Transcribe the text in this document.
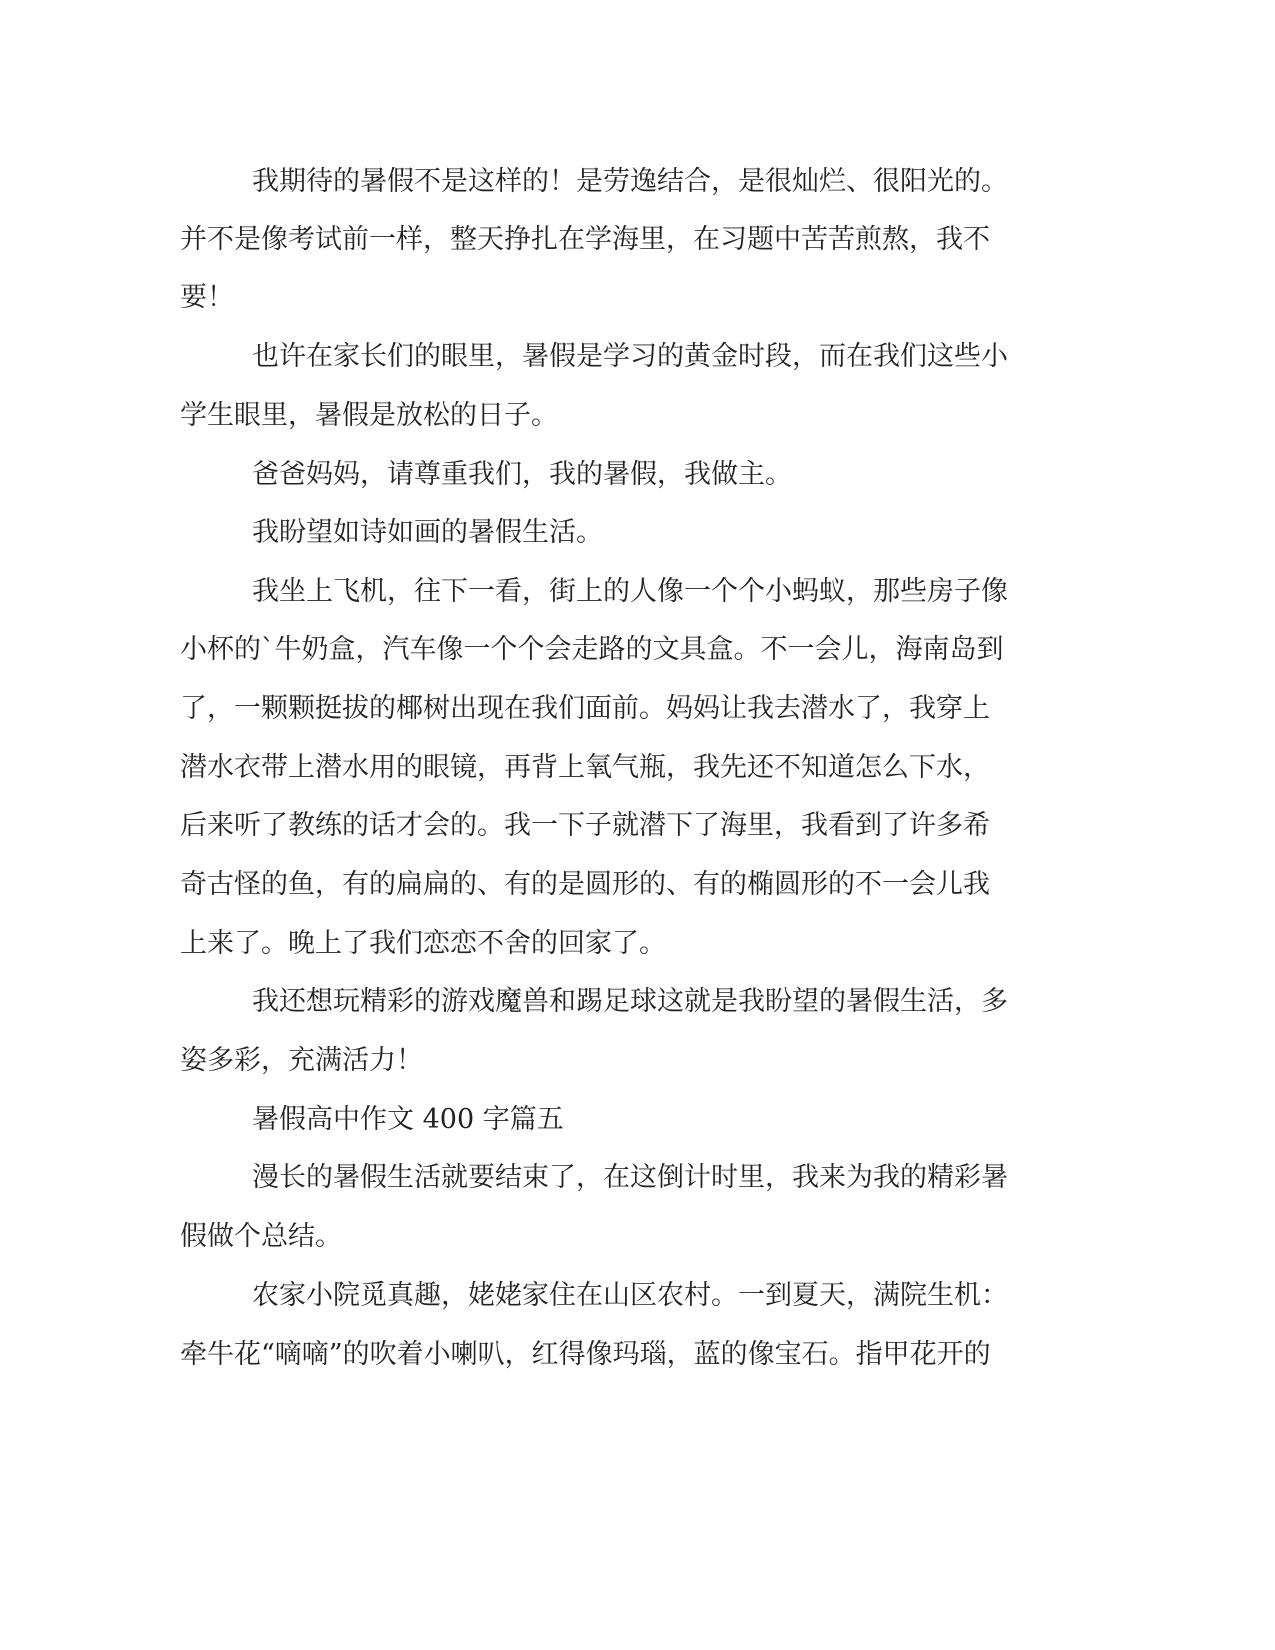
我期待的暑假不是这样的！是劳逸结合，是很灿烂、很阳光的。
并不是像考试前一样，整天挣扎在学海里，在习题中苦苦煎熬，我不
要！
也许在家长们的眼里，暑假是学习的黄金时段，而在我们这些小
学生眼里，暑假是放松的日子。
爸爸妈妈，请尊重我们，我的暑假，我做主。
我盼望如诗如画的暑假生活。
我坐上飞机，往下一看，街上的人像一个个小蚂蚁，那些房子像
小杯的`牛奶盒，汽车像一个个会走路的文具盒。不一会儿，海南岛到
了，一颗颗挺拔的椰树出现在我们面前。妈妈让我去潜水了，我穿上
潜水衣带上潜水用的眼镜，再背上氧气瓶，我先还不知道怎么下水，
后来听了教练的话才会的。我一下子就潜下了海里，我看到了许多希
奇古怪的鱼，有的扁扁的、有的是圆形的、有的椭圆形的不一会儿我
上来了。晚上了我们恋恋不舍的回家了。
我还想玩精彩的游戏魔兽和踢足球这就是我盼望的暑假生活，多
姿多彩，充满活力！
暑假高中作文 400 字篇五
漫长的暑假生活就要结束了，在这倒计时里，我来为我的精彩暑
假做个总结。
农家小院觅真趣，姥姥家住在山区农村。一到夏天，满院生机：
牵牛花“嘀嘀”的吹着小喇叭，红得像玛瑙，蓝的像宝石。指甲花开的
